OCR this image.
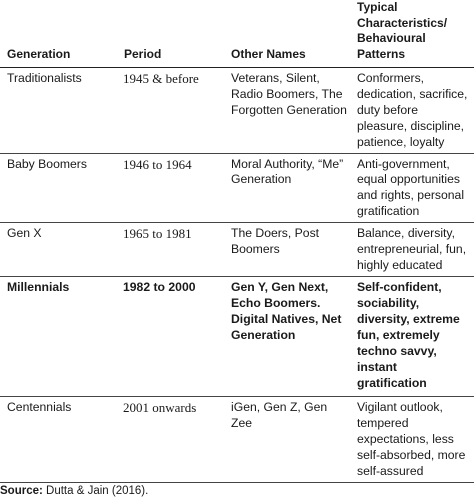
Generation	Period	Other Names	Typical Characteristics/ Behavioural Patterns
Traditionalists	1945 & before	Veterans, Silent, Radio Boomers, The Forgotten Generation	Conformers, dedication, sacrifice, duty before pleasure, discipline, patience, loyalty
Baby Boomers	1946 to 1964	Moral Authority, “Me” Generation	Anti-government, equal opportunities and rights, personal gratification
Gen X	1965 to 1981	The Doers, Post Boomers	Balance, diversity, entrepreneurial, fun, highly educated
Millennials	1982 to 2000	Gen Y, Gen Next, Echo Boomers. Digital Natives, Net Generation	Self-confident, sociability, diversity, extreme fun, extremely techno savvy, instant gratification
Centennials	2001 onwards	iGen, Gen Z, Gen Zee	Vigilant outlook, tempered expectations, less self-absorbed, more self-assured
Source: Dutta & Jain (2016).
